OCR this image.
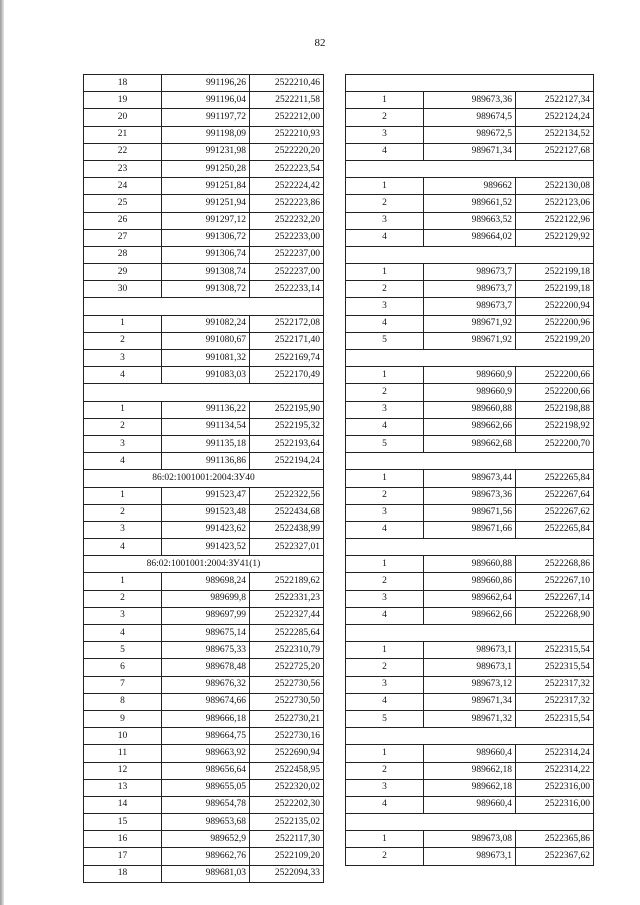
82
18	991196,26	2522210,46
19	991196,04	2522211,58
20	991197,72	2522212,00
21	991198,09	2522210,93
22	991231,98	2522220,20
23	991250,28	2522223,54
24	991251,84	2522224,42
25	991251,94	2522223,86
26	991297,12	2522232,20
27	991306,72	2522233,00
28	991306,74	2522237,00
29	991308,74	2522237,00
30	991308,72	2522233,14

1	991082,24	2522172,08
2	991080,67	2522171,40
3	991081,32	2522169,74
4	991083,03	2522170,49

1	991136,22	2522195,90
2	991134,54	2522195,32
3	991135,18	2522193,64
4	991136,86	2522194,24
86:02:1001001:2004:ЗУ40		
1	991523,47	2522322,56
2	991523,48	2522434,68
3	991423,62	2522438,99
4	991423,52	2522327,01
86:02:1001001:2004:ЗУ41(1)		
1	989698,24	2522189,62
2	989699,8	2522331,23
3	989697,99	2522327,44
4	989675,14	2522285,64
5	989675,33	2522310,79
6	989678,48	2522725,20
7	989676,32	2522730,56
8	989674,66	2522730,50
9	989666,18	2522730,21
10	989664,75	2522730,16
11	989663,92	2522690,94
12	989656,64	2522458,95
13	989655,05	2522320,02
14	989654,78	2522202,30
15	989653,68	2522135,02
16	989652,9	2522117,30
17	989662,76	2522109,20
18	989681,03	2522094,33

1	989673,36	2522127,34
2	989674,5	2522124,24
3	989672,5	2522134,52
4	989671,34	2522127,68

1	989662	2522130,08
2	989661,52	2522123,06
3	989663,52	2522122,96
4	989664,02	2522129,92

1	989673,7	2522199,18
2	989673,7	2522199,18
3	989673,7	2522200,94
4	989671,92	2522200,96
5	989671,92	2522199,20

1	989660,9	2522200,66
2	989660,9	2522200,66
3	989660,88	2522198,88
4	989662,66	2522198,92
5	989662,68	2522200,70

1	989673,44	2522265,84
2	989673,36	2522267,64
3	989671,56	2522267,62
4	989671,66	2522265,84

1	989660,88	2522268,86
2	989660,86	2522267,10
3	989662,64	2522267,14
4	989662,66	2522268,90

1	989673,1	2522315,54
2	989673,1	2522315,54
3	989673,12	2522317,32
4	989671,34	2522317,32
5	989671,32	2522315,54

1	989660,4	2522314,24
2	989662,18	2522314,22
3	989662,18	2522316,00
4	989660,4	2522316,00

1	989673,08	2522365,86
2	989673,1	2522367,62
